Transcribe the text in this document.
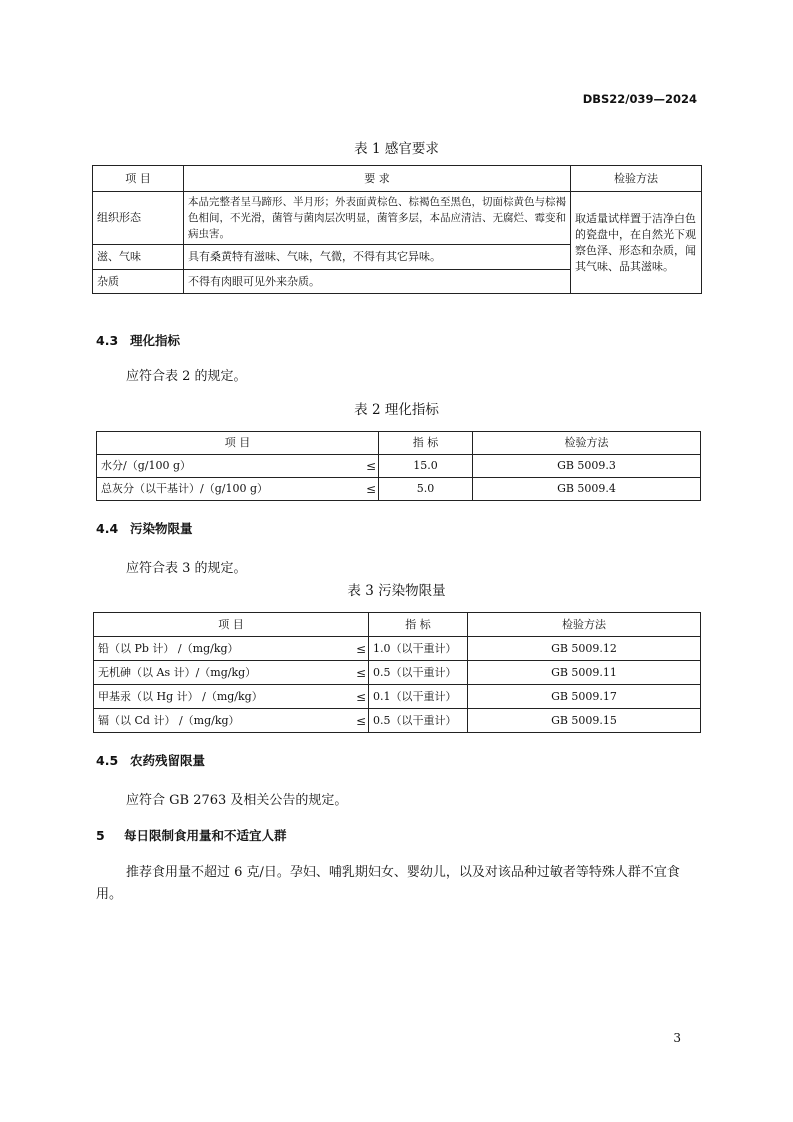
DBS22/039—2024
表 1 感官要求
项 目	要 求	检验方法
组织形态	本品完整者呈马蹄形、半月形；外表面黄棕色、棕褐色至黑色，切面棕黄色与棕褐色相间，不光滑，菌管与菌肉层次明显，菌管多层，本品应清洁、无腐烂、霉变和病虫害。	取适量试样置于洁净白色的瓷盘中，在自然光下观察色泽、形态和杂质，闻其气味、品其滋味。
滋、气味	具有桑黄特有滋味、气味，气微，不得有其它异味。	
杂质	不得有肉眼可见外来杂质。	
4.3 理化指标
应符合表 2 的规定。
表 2 理化指标
项 目	指 标	检验方法
水分/（g/100 g） ≤	15.0	GB 5009.3
总灰分（以干基计）/（g/100 g） ≤	5.0	GB 5009.4
4.4 污染物限量
应符合表 3 的规定。
表 3 污染物限量
项 目	指 标	检验方法
铅（以 Pb 计） /（mg/kg） ≤	1.0（以干重计）	GB 5009.12
无机砷（以 As 计）/（mg/kg） ≤	0.5（以干重计）	GB 5009.11
甲基汞（以 Hg 计） /（mg/kg） ≤	0.1（以干重计）	GB 5009.17
镉（以 Cd 计） /（mg/kg） ≤	0.5（以干重计）	GB 5009.15
4.5 农药残留限量
应符合 GB 2763 及相关公告的规定。
5 每日限制食用量和不适宜人群
推荐食用量不超过 6 克/日。孕妇、哺乳期妇女、婴幼儿，以及对该品种过敏者等特殊人群不宜食用。
3
